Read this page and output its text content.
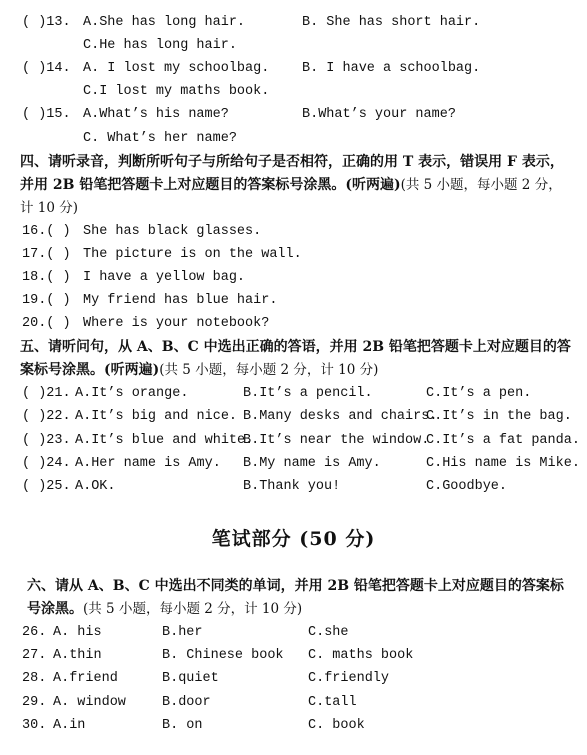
( )13. A.She has long hair.	B. She has short hair.
C.He has long hair.
( )14. A. I lost my schoolbag. B. I have a schoolbag.
C.I lost my maths book.
( )15. A.What’s his name?	B.What’s your name?
C. What’s her name?
四、请听录音，判断所听句子与所给句子是否相符，正确的用 T 表示，错误用 F 表示，
并用 2B 铅笔把答题卡上对应题目的答案标号涂黑。(听两遍)(共 5 小题，每小题 2 分，
计 10 分)
16.( ) She has black glasses.
17.( ) The picture is on the wall.
18.( ) I have a yellow bag.
19.( ) My friend has blue hair.
20.( ) Where is your notebook?
五、请听问句，从 A、B、C 中选出正确的答语，并用 2B 铅笔把答题卡上对应题目的答
案标号涂黑。(听两遍)(共 5 小题，每小题 2 分，计 10 分)
( )21. A.It’s orange.	B.It’s a pencil.	C.It’s a pen.
( )22. A.It’s big and nice. B.Many desks and chairs.
C.It’s in the bag.
( )23. A.It’s blue and white.
B.It’s near the window.
C.It’s a fat panda.
( )24. A.Her name is Amy. B.My name is Amy.	C.His name is Mike.
( )25. A.OK.	B.Thank you!	C.Goodbye.
笔试部分 (50 分)
六、请从 A、B、C 中选出不同类的单词，并用 2B 铅笔把答题卡上对应题目的答案标
号涂黑。(共 5 小题，每小题 2 分，计 10 分)
26. A. his	B.her	C.she
27. A.thin	B. Chinese book C. maths book
28. A.friend	B.quiet	C.friendly
29. A. window	B.door	C.tall
30. A.in	B. on	C. book
